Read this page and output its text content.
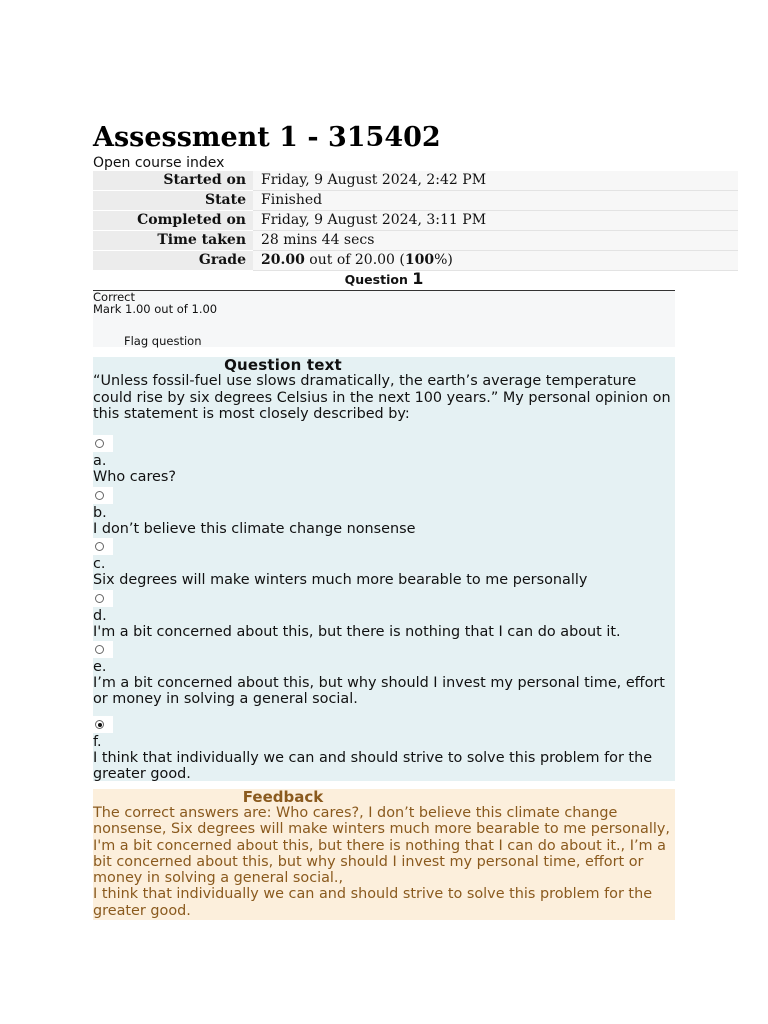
Assessment 1 - 315402
Open course index
Started on	Friday, 9 August 2024, 2:42 PM
State	Finished
Completed on	Friday, 9 August 2024, 3:11 PM
Time taken	28 mins 44 secs
Grade	20.00 out of 20.00 (100%)
Question 1
Correct
Mark 1.00 out of 1.00
Flag question
Question text
“Unless fossil-fuel use slows dramatically, the earth’s average temperature could rise by six degrees Celsius in the next 100 years.” My personal opinion on this statement is most closely described by:
a.
Who cares?
b.
I don’t believe this climate change nonsense
c.
Six degrees will make winters much more bearable to me personally
d.
I'm a bit concerned about this, but there is nothing that I can do about it.
e.
I’m a bit concerned about this, but why should I invest my personal time, effort or money in solving a general social.
f.
I think that individually we can and should strive to solve this problem for the greater good.
Feedback
The correct answers are: Who cares?, I don’t believe this climate change nonsense, Six degrees will make winters much more bearable to me personally, I'm a bit concerned about this, but there is nothing that I can do about it., I’m a bit concerned about this, but why should I invest my personal time, effort or money in solving a general social.,
I think that individually we can and should strive to solve this problem for the greater good.
